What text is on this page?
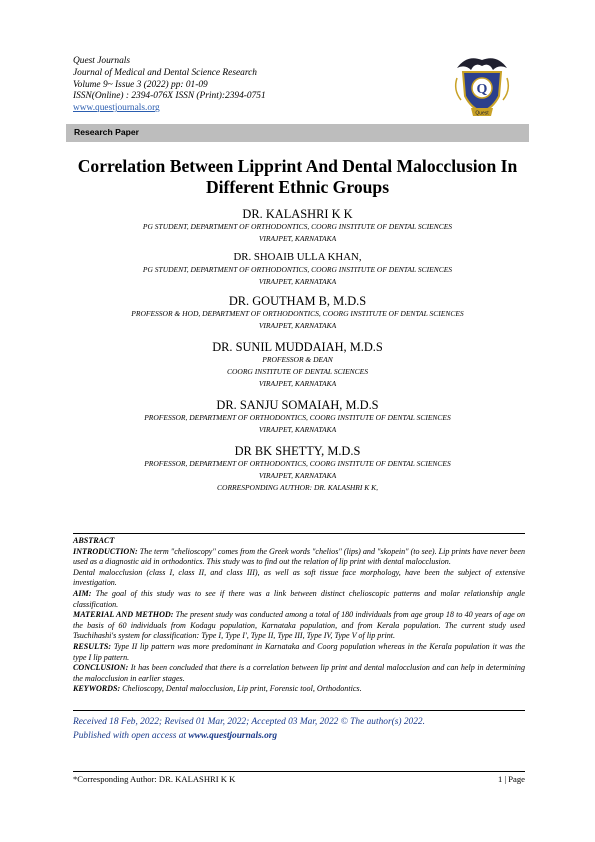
Quest Journals
Journal of Medical and Dental Science Research
Volume 9~ Issue 3 (2022) pp: 01-09
ISSN(Online) : 2394-076X ISSN (Print):2394-0751
www.questjournals.org
Q
Quest
Research Paper
Correlation Between Lipprint And Dental Malocclusion In Different Ethnic Groups
DR. KALASHRI K K
PG STUDENT, DEPARTMENT OF ORTHODONTICS, COORG INSTITUTE OF DENTAL SCIENCES
VIRAJPET, KARNATAKA
DR. SHOAIB ULLA KHAN,
PG STUDENT, DEPARTMENT OF ORTHODONTICS, COORG INSTITUTE OF DENTAL SCIENCES
VIRAJPET, KARNATAKA
DR. GOUTHAM B, M.D.S
PROFESSOR & HOD, DEPARTMENT OF ORTHODONTICS, COORG INSTITUTE OF DENTAL SCIENCES
VIRAJPET, KARNATAKA
DR. SUNIL MUDDAIAH, M.D.S
PROFESSOR & DEAN
COORG INSTITUTE OF DENTAL SCIENCES
VIRAJPET, KARNATAKA
DR. SANJU SOMAIAH, M.D.S
PROFESSOR, DEPARTMENT OF ORTHODONTICS, COORG INSTITUTE OF DENTAL SCIENCES
VIRAJPET, KARNATAKA
DR BK SHETTY, M.D.S
PROFESSOR, DEPARTMENT OF ORTHODONTICS, COORG INSTITUTE OF DENTAL SCIENCES
VIRAJPET, KARNATAKA
CORRESPONDING AUTHOR: DR. KALASHRI K K,

ABSTRACT

INTRODUCTION: The term "chelioscopy" comes from the Greek words "chelios" (lips) and "skopein" (to see). Lip prints have never been used as a diagnostic aid in orthodontics. This study was to find out the relation of lip print with dental malocclusion.

Dental malocclusion (class I, class II, and class III), as well as soft tissue face morphology, have been the subject of extensive investigation.

AIM: The goal of this study was to see if there was a link between distinct chelioscopic patterns and molar relationship angle classification.

MATERIAL AND METHOD: The present study was conducted among a total of 180 individuals from age group 18 to 40 years of age on the basis of 60 individuals from Kodagu population, Karnataka population, and from Kerala population. The current study used Tsuchihashi's system for classification: Type I, Type I', Type II, Type III, Type IV, Type V of lip print.

RESULTS: Type II lip pattern was more predominant in Karnataka and Coorg population whereas in the Kerala population it was the type I lip pattern.

CONCLUSION: It has been concluded that there is a correlation between lip print and dental malocclusion and can help in determining the malocclusion in earlier stages.

KEYWORDS: Chelioscopy, Dental malocclusion, Lip print, Forensic tool, Orthodontics.

Received 18 Feb, 2022; Revised 01 Mar, 2022; Accepted 03 Mar, 2022 © The author(s) 2022.
Published with open access at www.questjournals.org
*Corresponding Author: DR. KALASHRI K K	1 | Page
